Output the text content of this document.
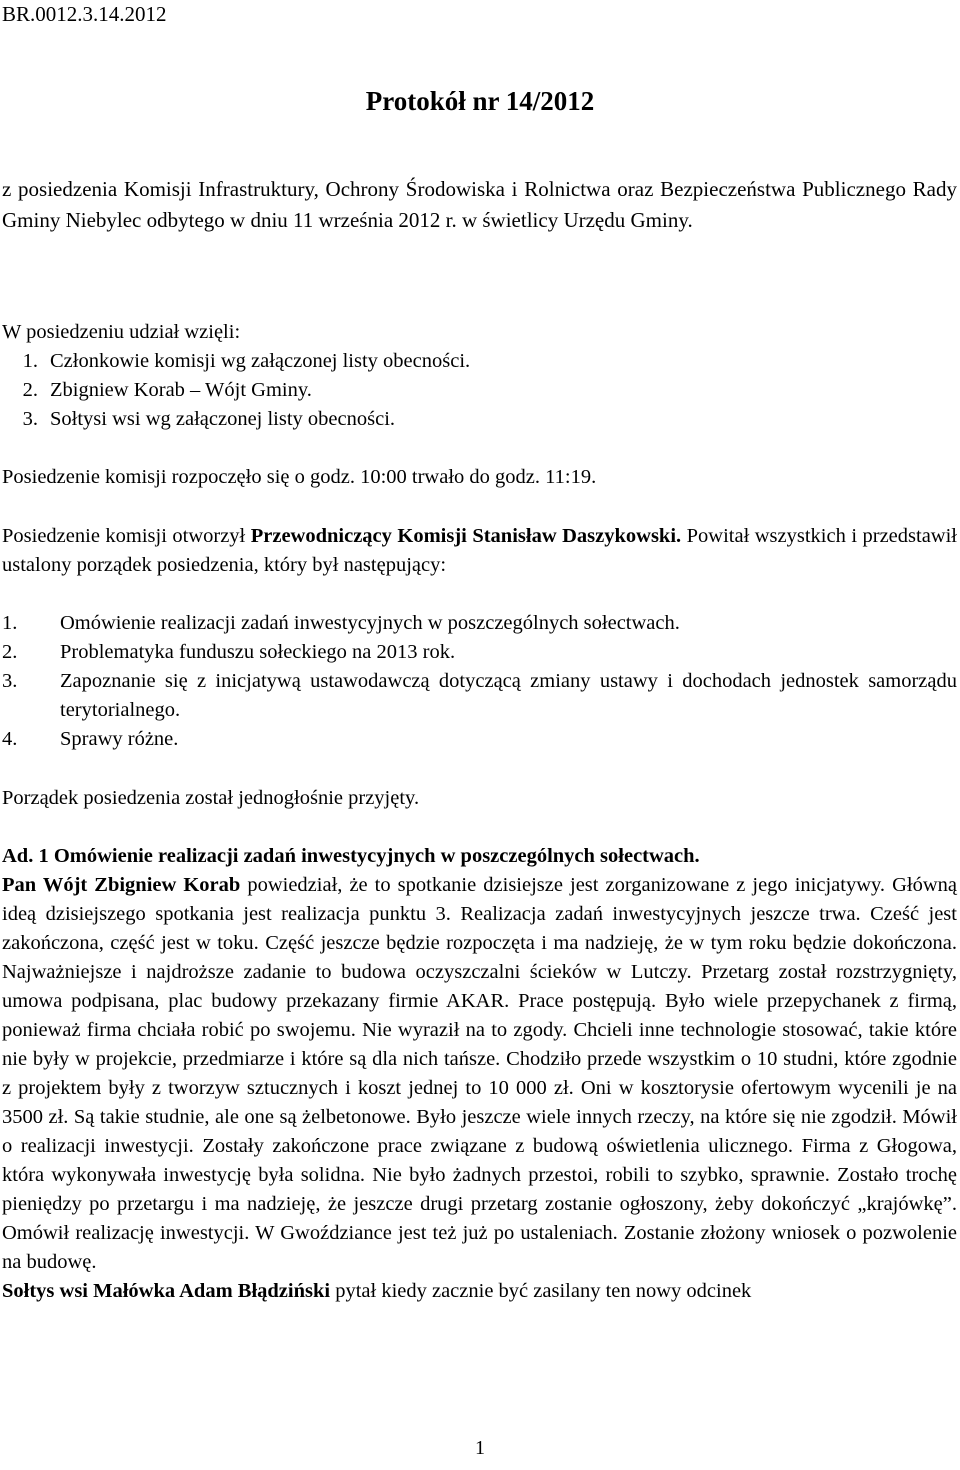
BR.0012.3.14.2012
Protokół nr 14/2012

z posiedzenia Komisji Infrastruktury, Ochrony Środowiska i Rolnictwa oraz Bezpieczeństwa Publicznego Rady Gminy Niebylec odbytego w dniu 11 września 2012 r. w świetlicy Urzędu Gminy.

W posiedzeniu udział wzięli:

1. Członkowie komisji wg załączonej listy obecności.
2. Zbigniew Korab – Wójt Gminy.
3. Sołtysi wsi wg załączonej listy obecności.

Posiedzenie komisji rozpoczęło się o godz. 10:00 trwało do godz. 11:19.

Posiedzenie komisji otworzył Przewodniczący Komisji Stanisław Daszykowski. Powitał wszystkich i przedstawił ustalony porządek posiedzenia, który był następujący:

1.	Omówienie realizacji zadań inwestycyjnych w poszczególnych sołectwach.
2.	Problematyka funduszu sołeckiego na 2013 rok.
3.	Zapoznanie się z inicjatywą ustawodawczą dotyczącą zmiany ustawy i dochodach jednostek samorządu terytorialnego.
4.	Sprawy różne.

Porządek posiedzenia został jednogłośnie przyjęty.

Ad. 1 Omówienie realizacji zadań inwestycyjnych w poszczególnych sołectwach.

Pan Wójt Zbigniew Korab powiedział, że to spotkanie dzisiejsze jest zorganizowane z jego inicjatywy. Główną ideą dzisiejszego spotkania jest realizacja punktu 3. Realizacja zadań inwestycyjnych jeszcze trwa. Cześć jest zakończona, część jest w toku. Część jeszcze będzie rozpoczęta i ma nadzieję, że w tym roku będzie dokończona. Najważniejsze i najdroższe zadanie to budowa oczyszczalni ścieków w Lutczy. Przetarg został rozstrzygnięty, umowa podpisana, plac budowy przekazany firmie AKAR. Prace postępują. Było wiele przepychanek z firmą, ponieważ firma chciała robić po swojemu. Nie wyraził na to zgody. Chcieli inne technologie stosować, takie które nie były w projekcie, przedmiarze i które są dla nich tańsze. Chodziło przede wszystkim o 10 studni, które zgodnie z projektem były z tworzyw sztucznych i koszt jednej to 10 000 zł. Oni w kosztorysie ofertowym wycenili je na 3500 zł. Są takie studnie, ale one są żelbetonowe. Było jeszcze wiele innych rzeczy, na które się nie zgodził. Mówił o realizacji inwestycji. Zostały zakończone prace związane z budową oświetlenia ulicznego. Firma z Głogowa, która wykonywała inwestycję była solidna. Nie było żadnych przestoi, robili to szybko, sprawnie. Zostało trochę pieniędzy po przetargu i ma nadzieję, że jeszcze drugi przetarg zostanie ogłoszony, żeby dokończyć „krajówkę”. Omówił realizację inwestycji. W Gwoździance jest też już po ustaleniach. Zostanie złożony wniosek o pozwolenie na budowę.
Sołtys wsi Małówka Adam Błądziński pytał kiedy zacznie być zasilany ten nowy odcinek

1
